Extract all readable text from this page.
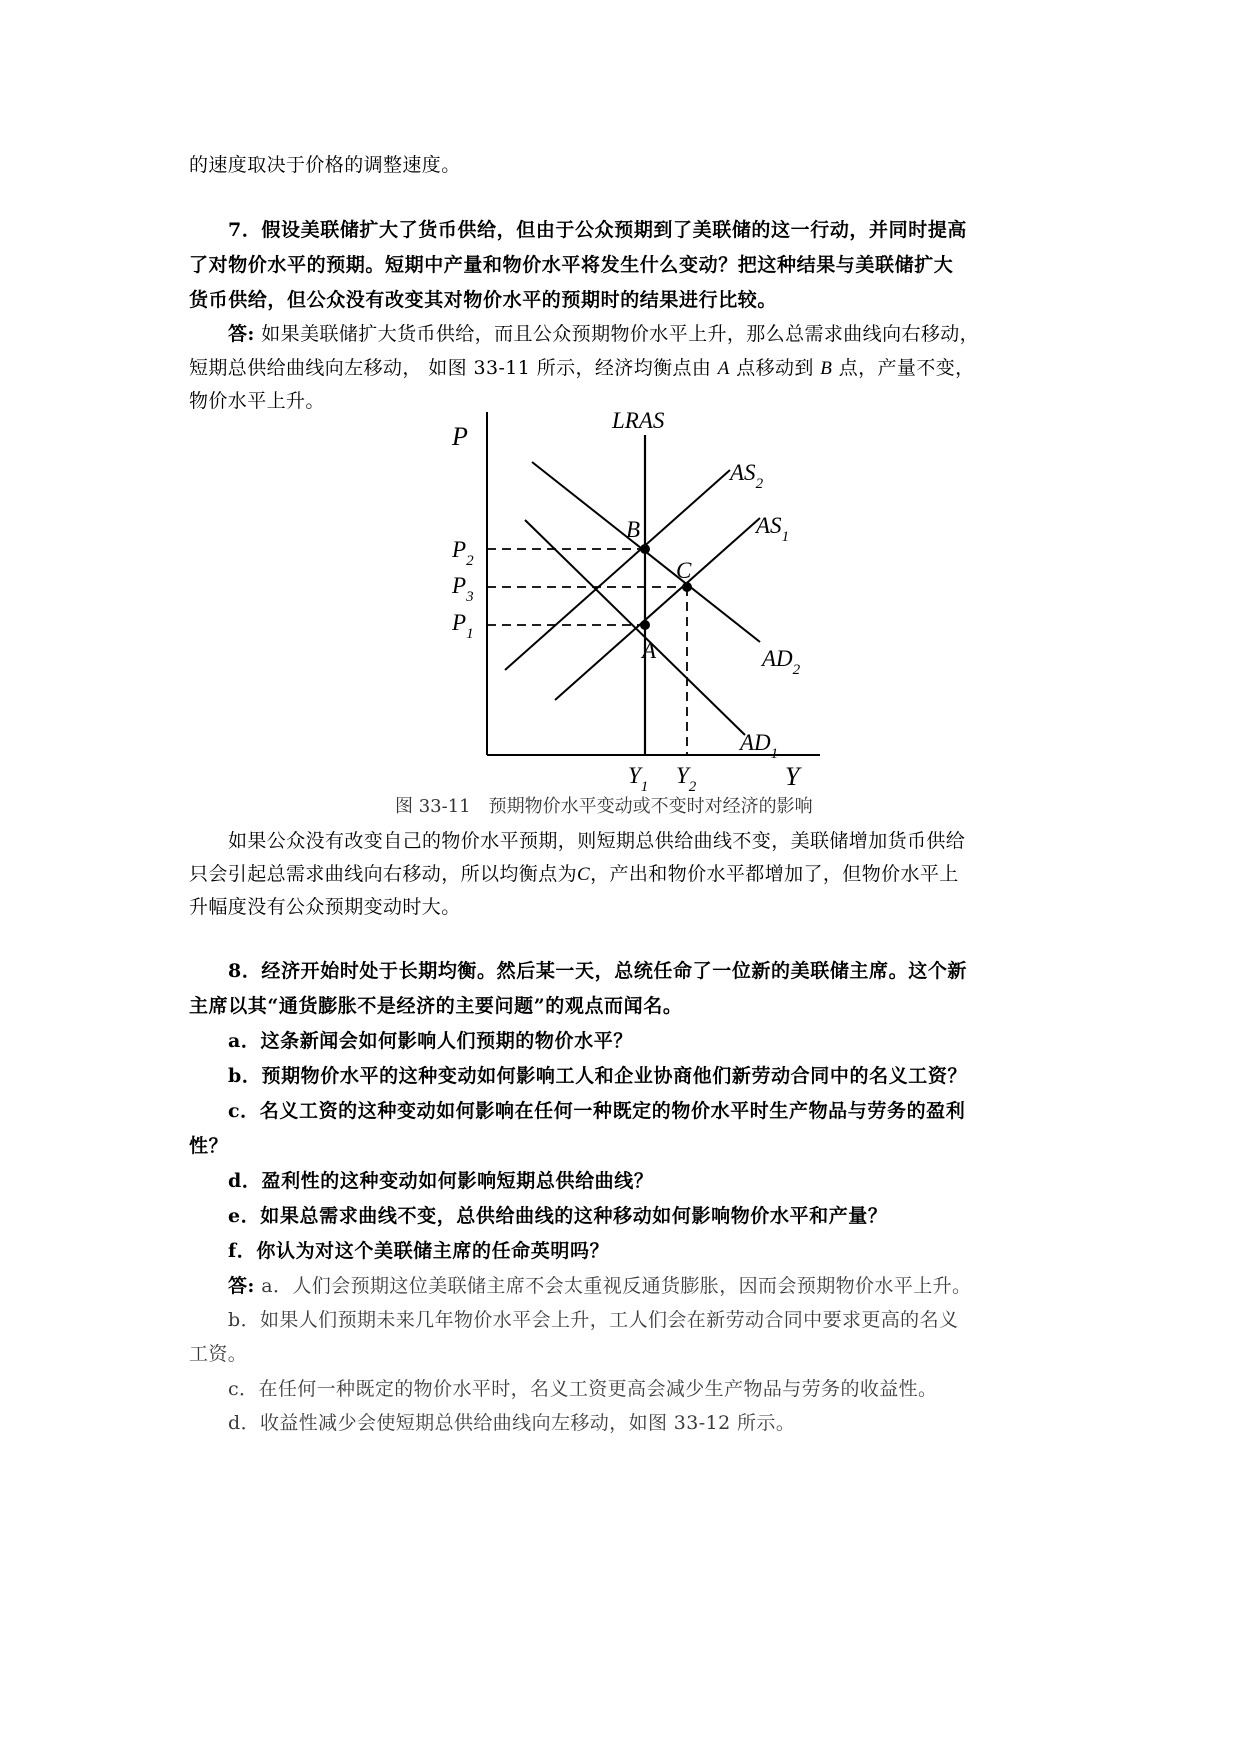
的速度取决于价格的调整速度。
7．假设美联储扩大了货币供给，但由于公众预期到了美联储的这一行动，并同时提高
了对物价水平的预期。短期中产量和物价水平将发生什么变动？把这种结果与美联储扩大
货币供给，但公众没有改变其对物价水平的预期时的结果进行比较。
答: 如果美联储扩大货币供给，而且公众预期物价水平上升，那么总需求曲线向右移动，
短期总供给曲线向左移动， 如图 33-11 所示，经济均衡点由 A 点移动到 B 点，产量不变，
物价水平上升。
P
Y
LRAS
$AS_2$
$AS_1$
$AD_1$
$AD_2$
B
C
A
$P_2$
$P_3$
$P_1$
$Y_1$ $Y_2$
图 33-11　预期物价水平变动或不变时对经济的影响
如果公众没有改变自己的物价水平预期，则短期总供给曲线不变，美联储增加货币供给
只会引起总需求曲线向右移动，所以均衡点为C，产出和物价水平都增加了，但物价水平上
升幅度没有公众预期变动时大。
8．经济开始时处于长期均衡。然后某一天，总统任命了一位新的美联储主席。这个新
主席以其“通货膨胀不是经济的主要问题”的观点而闻名。
a．这条新闻会如何影响人们预期的物价水平？
b．预期物价水平的这种变动如何影响工人和企业协商他们新劳动合同中的名义工资？
c．名义工资的这种变动如何影响在任何一种既定的物价水平时生产物品与劳务的盈利
性？
d．盈利性的这种变动如何影响短期总供给曲线？
e．如果总需求曲线不变，总供给曲线的这种移动如何影响物价水平和产量？
f．你认为对这个美联储主席的任命英明吗？
答: a．人们会预期这位美联储主席不会太重视反通货膨胀，因而会预期物价水平上升。
b．如果人们预期未来几年物价水平会上升，工人们会在新劳动合同中要求更高的名义
工资。
c．在任何一种既定的物价水平时，名义工资更高会减少生产物品与劳务的收益性。
d．收益性减少会使短期总供给曲线向左移动，如图 33-12 所示。
